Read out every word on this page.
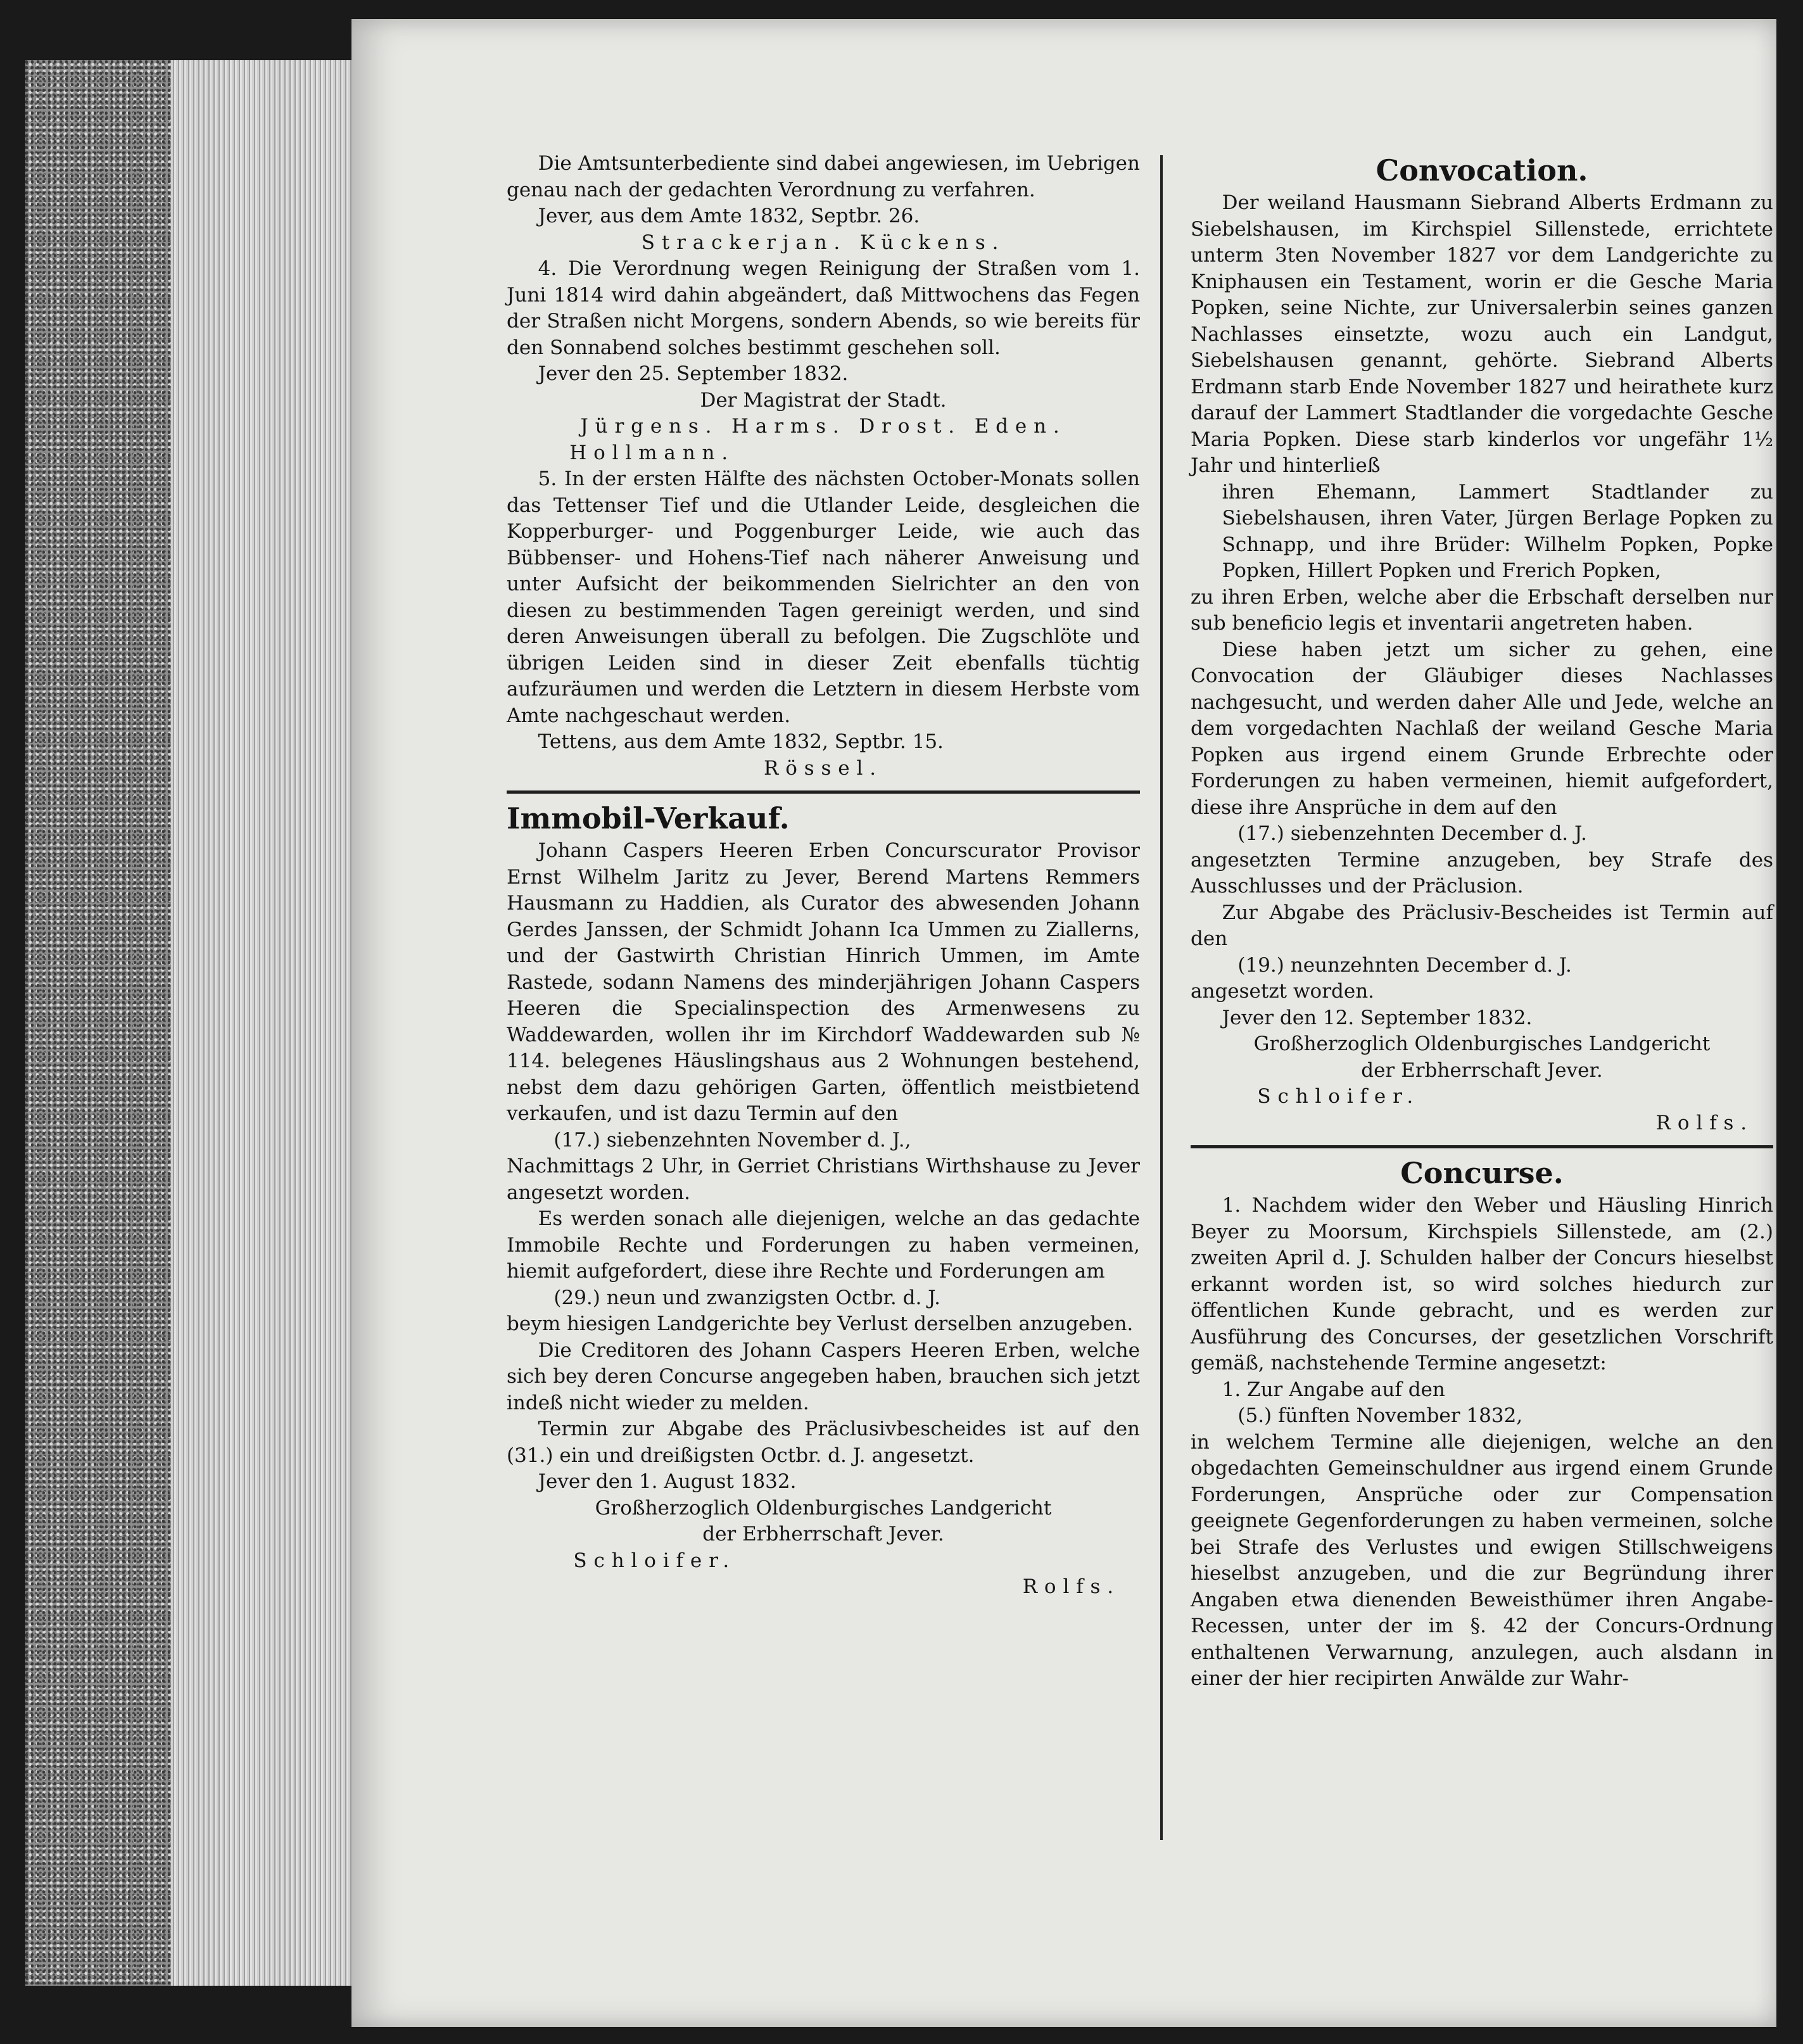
Die Amtsunterbediente sind dabei angewiesen, im Uebrigen genau nach der gedachten Verordnung zu verfahren.

Jever, aus dem Amte 1832, Septbr. 26.

Strackerjan. Kückens.

4. Die Verordnung wegen Reinigung der Straßen vom 1. Juni 1814 wird dahin abgeändert, daß Mittwochens das Fegen der Straßen nicht Morgens, sondern Abends, so wie bereits für den Sonnabend solches bestimmt geschehen soll.

Jever den 25. September 1832.

Der Magistrat der Stadt.

Jürgens. Harms. Drost. Eden.

Hollmann.

5. In der ersten Hälfte des nächsten October-Monats sollen das Tettenser Tief und die Utlander Leide, desgleichen die Kopperburger- und Poggenburger Leide, wie auch das Bübbenser- und Hohens-Tief nach näherer Anweisung und unter Aufsicht der beikommenden Sielrichter an den von diesen zu bestimmenden Tagen gereinigt werden, und sind deren Anweisungen überall zu befolgen. Die Zugschlöte und übrigen Leiden sind in dieser Zeit ebenfalls tüchtig aufzuräumen und werden die Letztern in diesem Herbste vom Amte nachgeschaut werden.

Tettens, aus dem Amte 1832, Septbr. 15.

Rössel.

Immobil-Verkauf.

Johann Caspers Heeren Erben Concurscurator Provisor Ernst Wilhelm Jaritz zu Jever, Berend Martens Remmers Hausmann zu Haddien, als Curator des abwesenden Johann Gerdes Janssen, der Schmidt Johann Ica Ummen zu Ziallerns, und der Gastwirth Christian Hinrich Ummen, im Amte Rastede, sodann Namens des minderjährigen Johann Caspers Heeren die Specialinspection des Armenwesens zu Waddewarden, wollen ihr im Kirchdorf Waddewarden sub № 114. belegenes Häuslingshaus aus 2 Wohnungen bestehend, nebst dem dazu gehörigen Garten, öffentlich meistbietend verkaufen, und ist dazu Termin auf den

(17.) siebenzehnten November d. J.,

Nachmittags 2 Uhr, in Gerriet Christians Wirthshause zu Jever angesetzt worden.

Es werden sonach alle diejenigen, welche an das gedachte Immobile Rechte und Forderungen zu haben vermeinen, hiemit aufgefordert, diese ihre Rechte und Forderungen am

(29.) neun und zwanzigsten Octbr. d. J.

beym hiesigen Landgerichte bey Verlust derselben anzugeben.

Die Creditoren des Johann Caspers Heeren Erben, welche sich bey deren Concurse angegeben haben, brauchen sich jetzt indeß nicht wieder zu melden.

Termin zur Abgabe des Präclusivbescheides ist auf den (31.) ein und dreißigsten Octbr. d. J. angesetzt.

Jever den 1. August 1832.

Großherzoglich Oldenburgisches Landgericht

der Erbherrschaft Jever.

Schloifer.

Rolfs.

Convocation.

Der weiland Hausmann Siebrand Alberts Erdmann zu Siebelshausen, im Kirchspiel Sillenstede, errichtete unterm 3ten November 1827 vor dem Landgerichte zu Kniphausen ein Testament, worin er die Gesche Maria Popken, seine Nichte, zur Universalerbin seines ganzen Nachlasses einsetzte, wozu auch ein Landgut, Siebelshausen genannt, gehörte. Siebrand Alberts Erdmann starb Ende November 1827 und heirathete kurz darauf der Lammert Stadtlander die vorgedachte Gesche Maria Popken. Diese starb kinderlos vor ungefähr 1½ Jahr und hinterließ

ihren Ehemann, Lammert Stadtlander zu Siebelshausen, ihren Vater, Jürgen Berlage Popken zu Schnapp, und ihre Brüder: Wilhelm Popken, Popke Popken, Hillert Popken und Frerich Popken,

zu ihren Erben, welche aber die Erbschaft derselben nur sub beneficio legis et inventarii angetreten haben.

Diese haben jetzt um sicher zu gehen, eine Convocation der Gläubiger dieses Nachlasses nachgesucht, und werden daher Alle und Jede, welche an dem vorgedachten Nachlaß der weiland Gesche Maria Popken aus irgend einem Grunde Erbrechte oder Forderungen zu haben vermeinen, hiemit aufgefordert, diese ihre Ansprüche in dem auf den

(17.) siebenzehnten December d. J.

angesetzten Termine anzugeben, bey Strafe des Ausschlusses und der Präclusion.

Zur Abgabe des Präclusiv-Bescheides ist Termin auf den

(19.) neunzehnten December d. J.

angesetzt worden.

Jever den 12. September 1832.

Großherzoglich Oldenburgisches Landgericht

der Erbherrschaft Jever.

Schloifer.

Rolfs.

Concurse.

1. Nachdem wider den Weber und Häusling Hinrich Beyer zu Moorsum, Kirchspiels Sillenstede, am (2.) zweiten April d. J. Schulden halber der Concurs hieselbst erkannt worden ist, so wird solches hiedurch zur öffentlichen Kunde gebracht, und es werden zur Ausführung des Concurses, der gesetzlichen Vorschrift gemäß, nachstehende Termine angesetzt:

1. Zur Angabe auf den

(5.) fünften November 1832,

in welchem Termine alle diejenigen, welche an den obgedachten Gemeinschuldner aus irgend einem Grunde Forderungen, Ansprüche oder zur Compensation geeignete Gegenforderungen zu haben vermeinen, solche bei Strafe des Verlustes und ewigen Stillschweigens hieselbst anzugeben, und die zur Begründung ihrer Angaben etwa dienenden Beweisthümer ihren Angabe-Recessen, unter der im §. 42 der Concurs-Ordnung enthaltenen Verwarnung, anzulegen, auch alsdann in einer der hier recipirten Anwälde zur Wahr-
